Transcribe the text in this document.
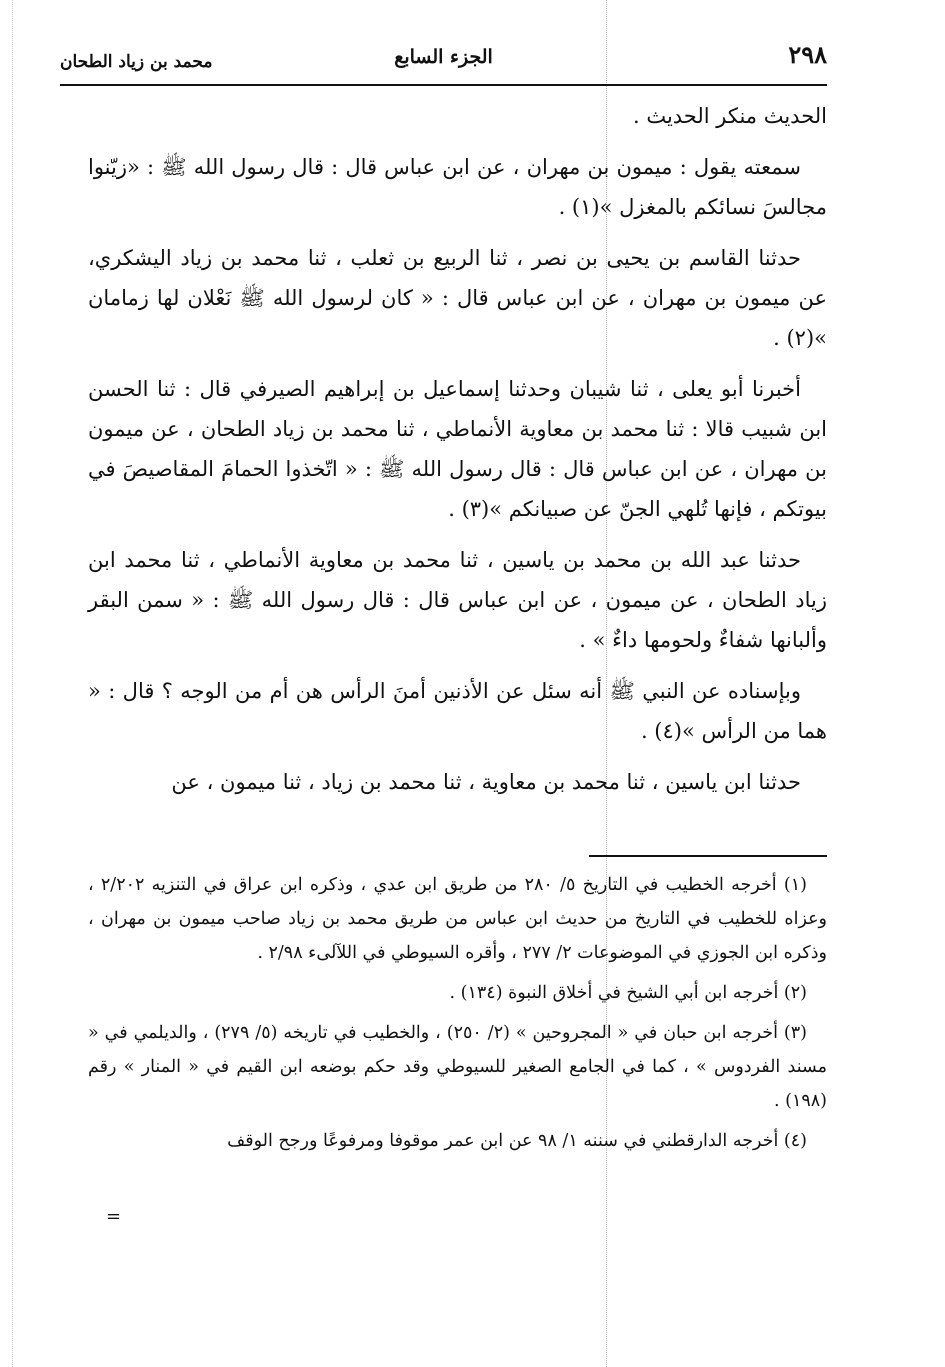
٢٩٨
الجزء السابع
محمد بن زياد الطحان

الحديث منكر الحديث .

سمعته يقول : ميمون بن مهران ، عن ابن عباس قال : قال رسول الله ﷺ : «زيّنوا مجالسَ نسائكم بالمغزل »(١) .

حدثنا القاسم بن يحيى بن نصر ، ثنا الربيع بن ثعلب ، ثنا محمد بن زياد اليشكري، عن ميمون بن مهران ، عن ابن عباس قال : « كان لرسول الله ﷺ نَعْلان لها زمامان »(٢) .

أخبرنا أبو يعلى ، ثنا شيبان وحدثنا إسماعيل بن إبراهيم الصيرفي قال : ثنا الحسن ابن شبيب قالا : ثنا محمد بن معاوية الأنماطي ، ثنا محمد بن زياد الطحان ، عن ميمون بن مهران ، عن ابن عباس قال : قال رسول الله ﷺ : « اتّخذوا الحمامَ المقاصيصَ في بيوتكم ، فإنها تُلهي الجنّ عن صبيانكم »(٣) .

حدثنا عبد الله بن محمد بن ياسين ، ثنا محمد بن معاوية الأنماطي ، ثنا محمد ابن زياد الطحان ، عن ميمون ، عن ابن عباس قال : قال رسول الله ﷺ : « سمن البقر وألبانها شفاءٌ ولحومها داءٌ » .

وبإسناده عن النبي ﷺ أنه سئل عن الأذنين أمنَ الرأس هن أم من الوجه ؟ قال : « هما من الرأس »(٤) .

حدثنا ابن ياسين ، ثنا محمد بن معاوية ، ثنا محمد بن زياد ، ثنا ميمون ، عن

(١) أخرجه الخطيب في التاريخ ٥/ ٢٨٠ من طريق ابن عدي ، وذكره ابن عراق في التنزيه ٢/٢٠٢ ، وعزاه للخطيب في التاريخ من حديث ابن عباس من طريق محمد بن زياد صاحب ميمون بن مهران ، وذكره ابن الجوزي في الموضوعات ٢/ ٢٧٧ ، وأقره السيوطي في اللآلىء ٢/٩٨ .

(٢) أخرجه ابن أبي الشيخ في أخلاق النبوة (١٣٤) .

(٣) أخرجه ابن حبان في « المجروحين » (٢/ ٢٥٠) ، والخطيب في تاريخه (٥/ ٢٧٩) ، والديلمي في « مسند الفردوس » ، كما في الجامع الصغير للسيوطي وقد حكم بوضعه ابن القيم في « المنار » رقم (١٩٨) .

(٤) أخرجه الدارقطني في سننه ١/ ٩٨ عن ابن عمر موقوفا ومرفوعًا ورجح الوقف

=
